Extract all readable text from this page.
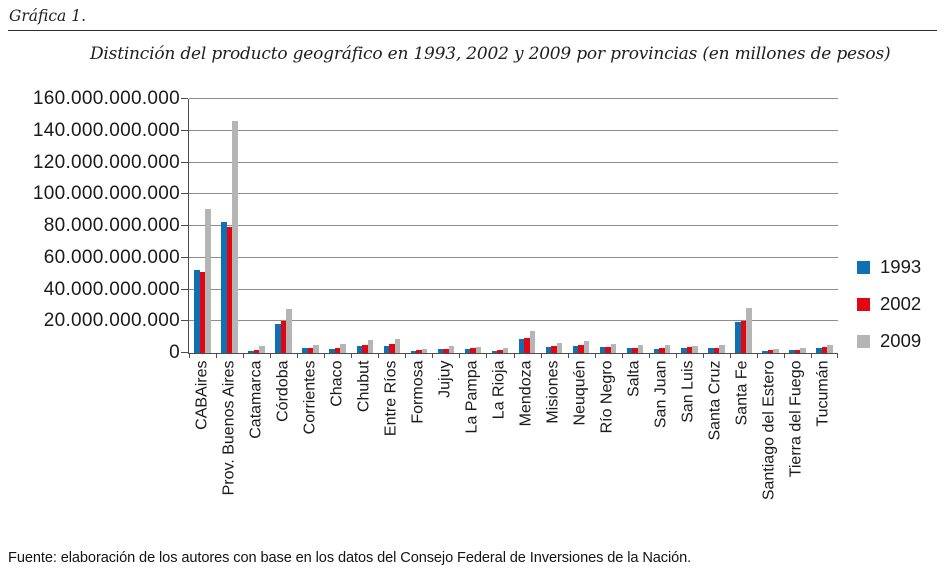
Gráfica 1.
Distinción del producto geográfico en 1993, 2002 y 2009 por provincias (en millones de pesos)
0
20.000.000.000
40.000.000.000
60.000.000.000
80.000.000.000
100.000.000.000
120.000.000.000
140.000.000.000
160.000.000.000
CABAires Prov. Buenos Aires Catamarca Córdoba Corrientes Chaco Chubut Entre Ríos Formosa Jujuy La Pampa La Rioja Mendoza Misiones Neuquén Río Negro Salta San Juan San Luis Santa Cruz Santa Fe Santiago del Estero Tierra del Fuego Tucumán
1993
2002
2009
Fuente: elaboración de los autores con base en los datos del Consejo Federal de Inversiones de la Nación.
